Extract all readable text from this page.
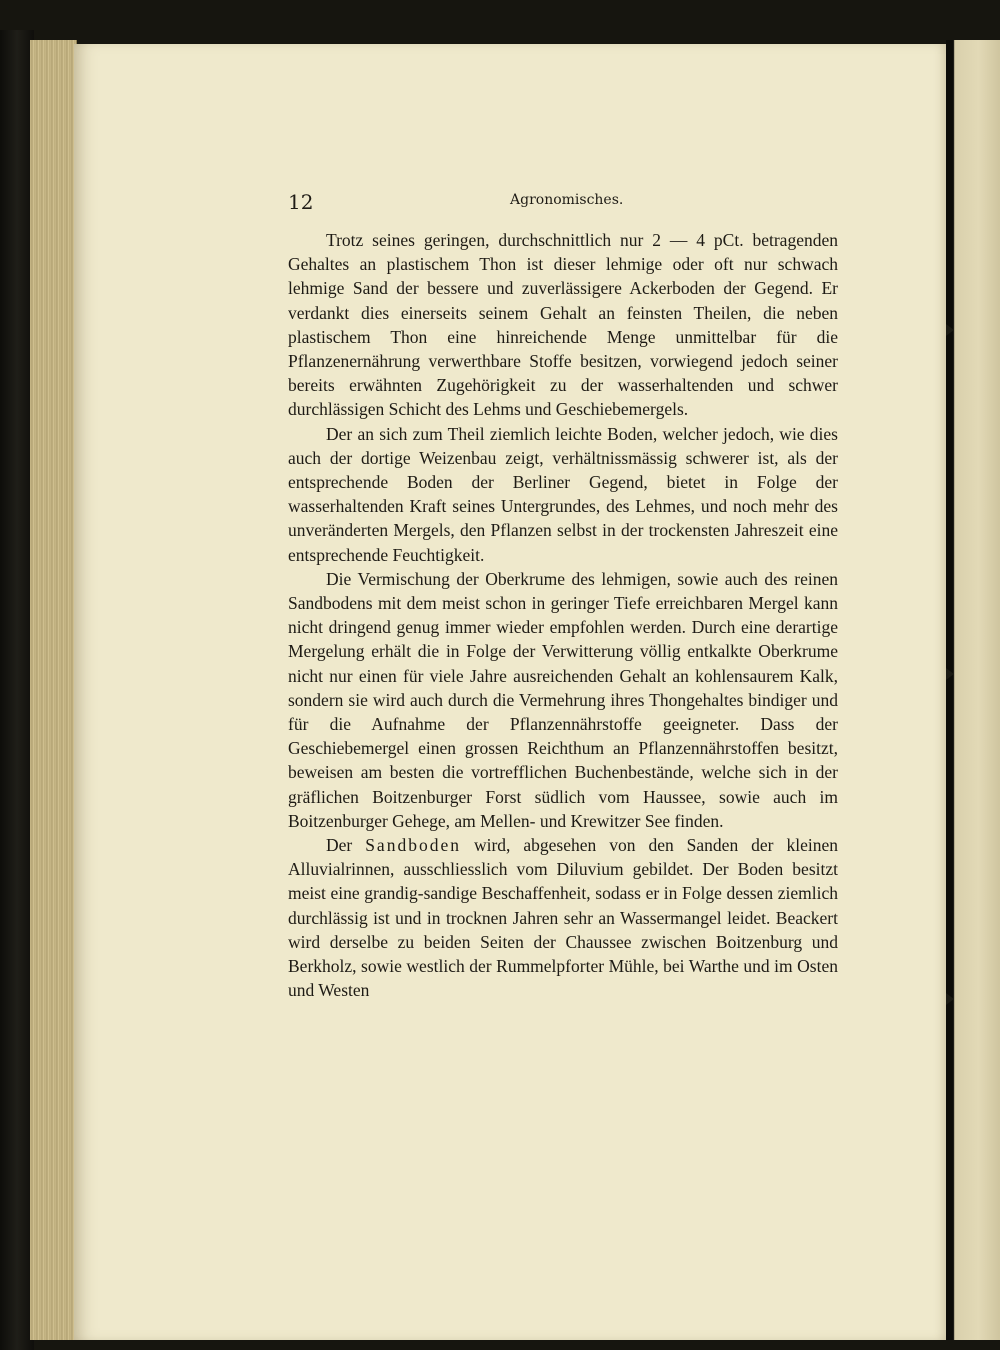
12	Agronomisches.

Trotz seines geringen, durchschnittlich nur 2 — 4 pCt. betragenden Gehaltes an plastischem Thon ist dieser lehmige oder oft nur schwach lehmige Sand der bessere und zuverlässigere Ackerboden der Gegend. Er verdankt dies einerseits seinem Gehalt an feinsten Theilen, die neben plastischem Thon eine hinreichende Menge unmittelbar für die Pflanzenernährung verwerthbare Stoffe besitzen, vorwiegend jedoch seiner bereits erwähnten Zugehörigkeit zu der wasserhaltenden und schwer durchlässigen Schicht des Lehms und Geschiebemergels.

Der an sich zum Theil ziemlich leichte Boden, welcher jedoch, wie dies auch der dortige Weizenbau zeigt, verhältnissmässig schwerer ist, als der entsprechende Boden der Berliner Gegend, bietet in Folge der wasserhaltenden Kraft seines Untergrundes, des Lehmes, und noch mehr des unveränderten Mergels, den Pflanzen selbst in der trockensten Jahreszeit eine entsprechende Feuchtigkeit.

Die Vermischung der Oberkrume des lehmigen, sowie auch des reinen Sandbodens mit dem meist schon in geringer Tiefe erreichbaren Mergel kann nicht dringend genug immer wieder empfohlen werden. Durch eine derartige Mergelung erhält die in Folge der Verwitterung völlig entkalkte Oberkrume nicht nur einen für viele Jahre ausreichenden Gehalt an kohlensaurem Kalk, sondern sie wird auch durch die Vermehrung ihres Thongehaltes bindiger und für die Aufnahme der Pflanzennährstoffe geeigneter. Dass der Geschiebemergel einen grossen Reichthum an Pflanzennährstoffen besitzt, beweisen am besten die vortrefflichen Buchenbestände, welche sich in der gräflichen Boitzenburger Forst südlich vom Haussee, sowie auch im Boitzenburger Gehege, am Mellen- und Krewitzer See finden.

Der Sandboden wird, abgesehen von den Sanden der kleinen Alluvialrinnen, ausschliesslich vom Diluvium gebildet. Der Boden besitzt meist eine grandig-sandige Beschaffenheit, sodass er in Folge dessen ziemlich durchlässig ist und in trocknen Jahren sehr an Wassermangel leidet. Beackert wird derselbe zu beiden Seiten der Chaussee zwischen Boitzenburg und Berkholz, sowie westlich der Rummelpforter Mühle, bei Warthe und im Osten und Westen
